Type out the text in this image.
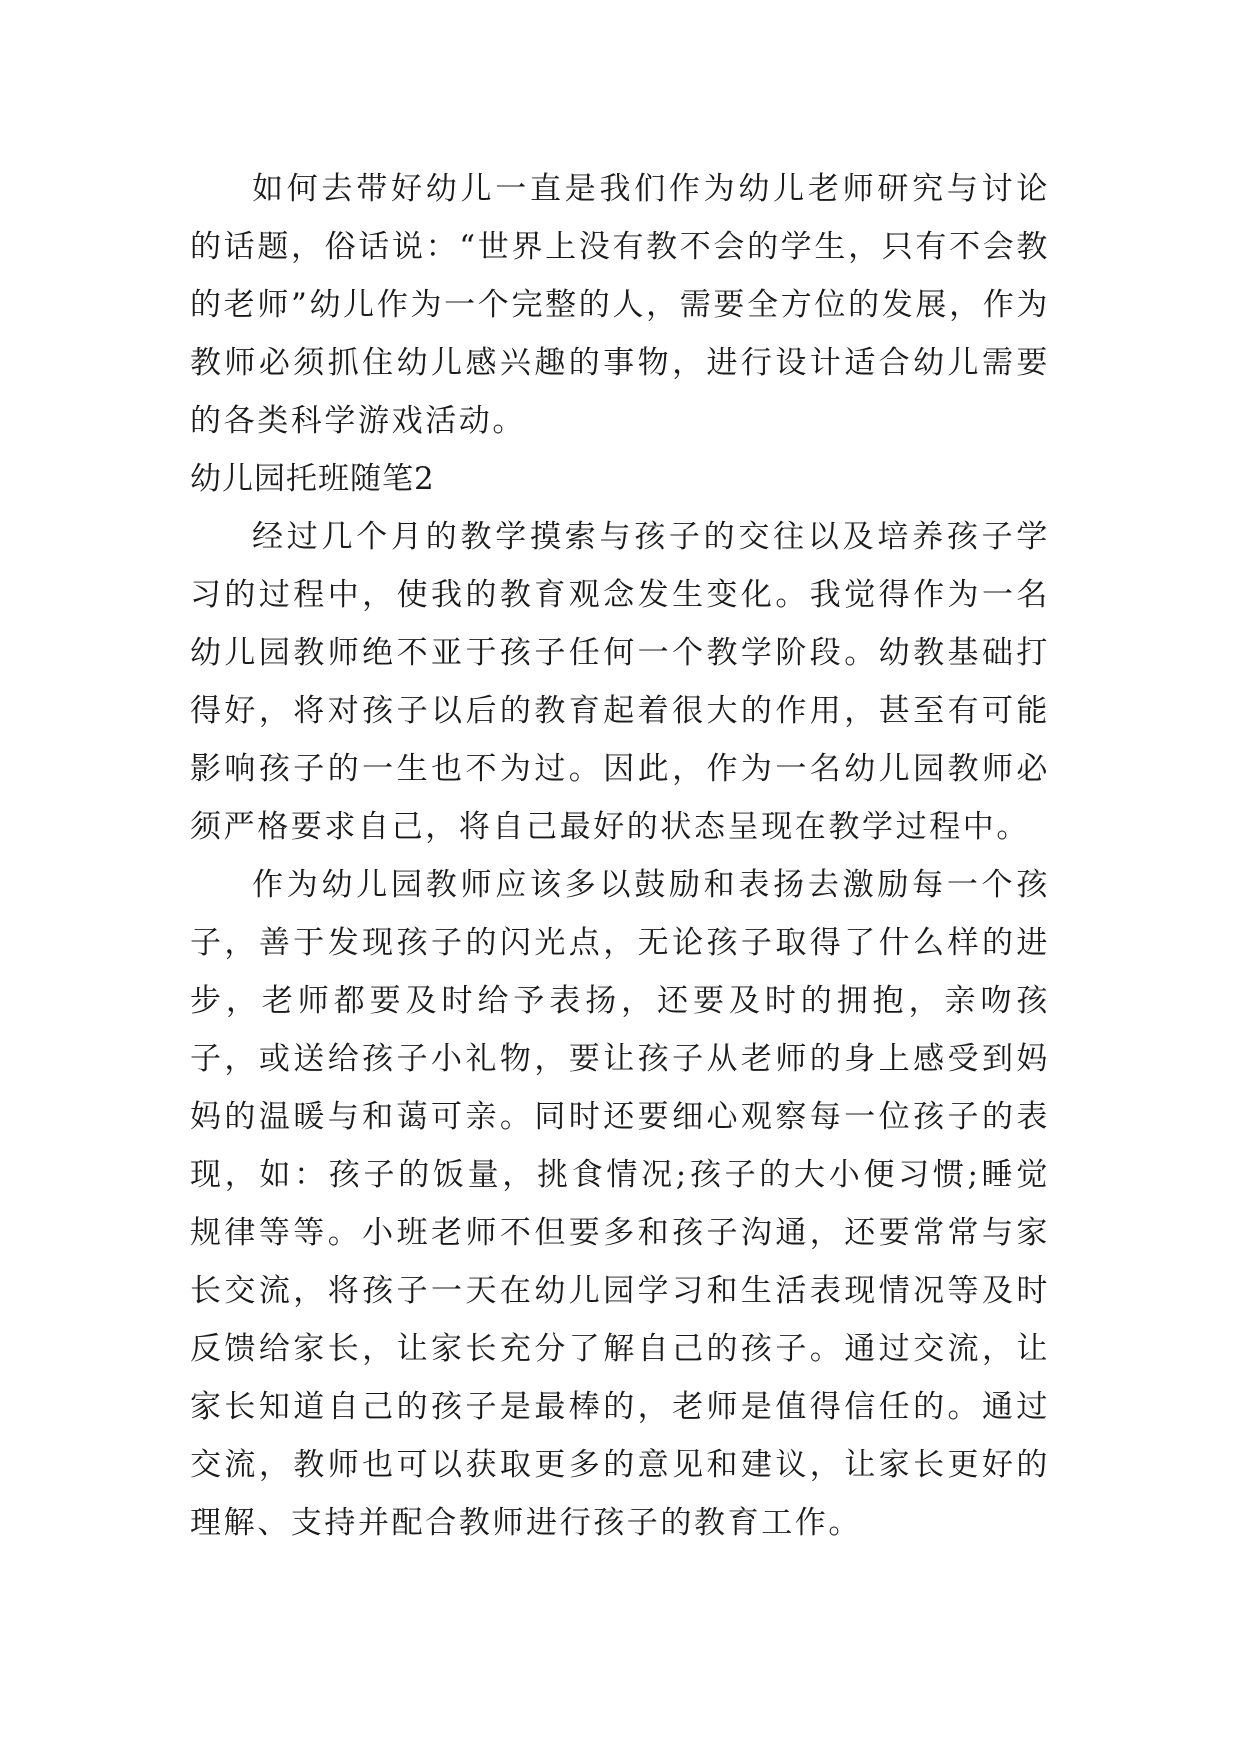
如何去带好幼儿一直是我们作为幼儿老师研究与讨论的话题，俗话说：“世界上没有教不会的学生，只有不会教的老师”幼儿作为一个完整的人，需要全方位的发展，作为教师必须抓住幼儿感兴趣的事物，进行设计适合幼儿需要的各类科学游戏活动。

幼儿园托班随笔2

经过几个月的教学摸索与孩子的交往以及培养孩子学习的过程中，使我的教育观念发生变化。我觉得作为一名幼儿园教师绝不亚于孩子任何一个教学阶段。幼教基础打得好，将对孩子以后的教育起着很大的作用，甚至有可能影响孩子的一生也不为过。因此，作为一名幼儿园教师必须严格要求自己，将自己最好的状态呈现在教学过程中。

作为幼儿园教师应该多以鼓励和表扬去激励每一个孩子，善于发现孩子的闪光点，无论孩子取得了什么样的进步，老师都要及时给予表扬，还要及时的拥抱，亲吻孩子，或送给孩子小礼物，要让孩子从老师的身上感受到妈妈的温暖与和蔼可亲。同时还要细心观察每一位孩子的表现，如：孩子的饭量，挑食情况;孩子的大小便习惯;睡觉规律等等。小班老师不但要多和孩子沟通，还要常常与家长交流，将孩子一天在幼儿园学习和生活表现情况等及时反馈给家长，让家长充分了解自己的孩子。通过交流，让家长知道自己的孩子是最棒的，老师是值得信任的。通过交流，教师也可以获取更多的意见和建议，让家长更好的理解、支持并配合教师进行孩子的教育工作。
